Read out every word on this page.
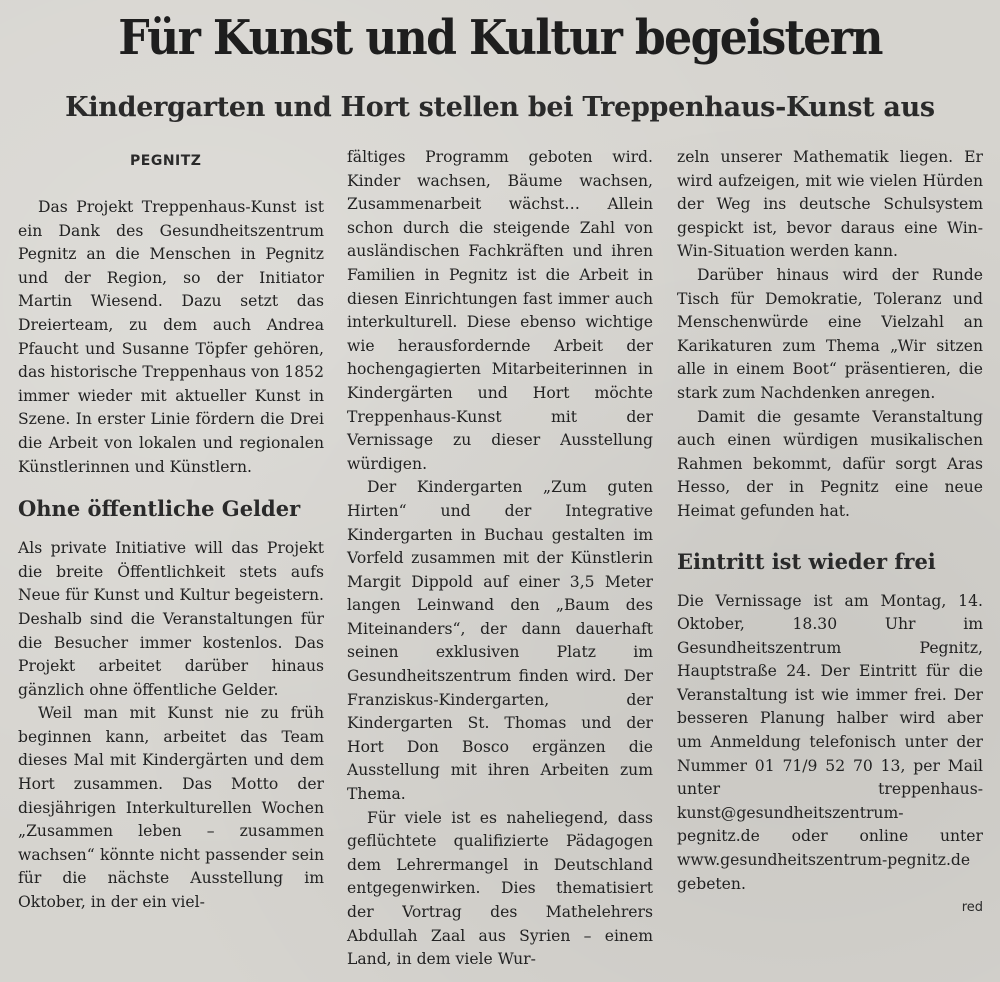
Für Kunst und Kultur begeistern
Kindergarten und Hort stellen bei Treppenhaus-Kunst aus
PEGNITZ

Das Projekt Treppenhaus-Kunst ist ein Dank des Gesundheitszentrum Pegnitz an die Menschen in Pegnitz und der Region, so der Initiator Martin Wiesend. Dazu setzt das Dreierteam, zu dem auch Andrea Pfaucht und Susanne Töpfer gehören, das historische Treppenhaus von 1852 immer wieder mit aktueller Kunst in Szene. In erster Linie fördern die Drei die Arbeit von lokalen und regionalen Künstlerinnen und Künstlern.

Ohne öffentliche Gelder

Als private Initiative will das Projekt die breite Öffentlichkeit stets aufs Neue für Kunst und Kultur begeistern. Deshalb sind die Veranstaltungen für die Besucher immer kostenlos. Das Projekt arbeitet darüber hinaus gänzlich ohne öffentliche Gelder.

Weil man mit Kunst nie zu früh beginnen kann, arbeitet das Team dieses Mal mit Kindergärten und dem Hort zusammen. Das Motto der diesjährigen Interkulturellen Wochen „Zusammen leben – zusammen wachsen“ könnte nicht passender sein für die nächste Ausstellung im Oktober, in der ein viel-

fältiges Programm geboten wird. Kinder wachsen, Bäume wachsen, Zusammenarbeit wächst… Allein schon durch die steigende Zahl von ausländischen Fachkräften und ihren Familien in Pegnitz ist die Arbeit in diesen Einrichtungen fast immer auch interkulturell. Diese ebenso wichtige wie herausfordernde Arbeit der hochengagierten Mitarbeiterinnen in Kindergärten und Hort möchte Treppenhaus-Kunst mit der Vernissage zu dieser Ausstellung würdigen.

Der Kindergarten „Zum guten Hirten“ und der Integrative Kindergarten in Buchau gestalten im Vorfeld zusammen mit der Künstlerin Margit Dippold auf einer 3,5 Meter langen Leinwand den „Baum des Miteinanders“, der dann dauerhaft seinen exklusiven Platz im Gesundheitszentrum finden wird. Der Franziskus-Kindergarten, der Kindergarten St. Thomas und der Hort Don Bosco ergänzen die Ausstellung mit ihren Arbeiten zum Thema.

Für viele ist es naheliegend, dass geflüchtete qualifizierte Pädagogen dem Lehrermangel in Deutschland entgegenwirken. Dies thematisiert der Vortrag des Mathelehrers Abdullah Zaal aus Syrien – einem Land, in dem viele Wur-

zeln unserer Mathematik liegen. Er wird aufzeigen, mit wie vielen Hürden der Weg ins deutsche Schulsystem gespickt ist, bevor daraus eine Win-Win-Situation werden kann.

Darüber hinaus wird der Runde Tisch für Demokratie, Toleranz und Menschenwürde eine Vielzahl an Karikaturen zum Thema „Wir sitzen alle in einem Boot“ präsentieren, die stark zum Nachdenken anregen.

Damit die gesamte Veranstaltung auch einen würdigen musikalischen Rahmen bekommt, dafür sorgt Aras Hesso, der in Pegnitz eine neue Heimat gefunden hat.

Eintritt ist wieder frei

Die Vernissage ist am Montag, 14. Oktober, 18.30 Uhr im Gesundheitszentrum Pegnitz, Hauptstraße 24. Der Eintritt für die Veranstaltung ist wie immer frei. Der besseren Planung halber wird aber um Anmeldung telefonisch unter der Nummer 01 71/9 52 70 13, per Mail unter treppenhaus-kunst@gesundheitszentrum-pegnitz.de oder online unter www.gesundheitszentrum-pegnitz.de gebeten.

red
